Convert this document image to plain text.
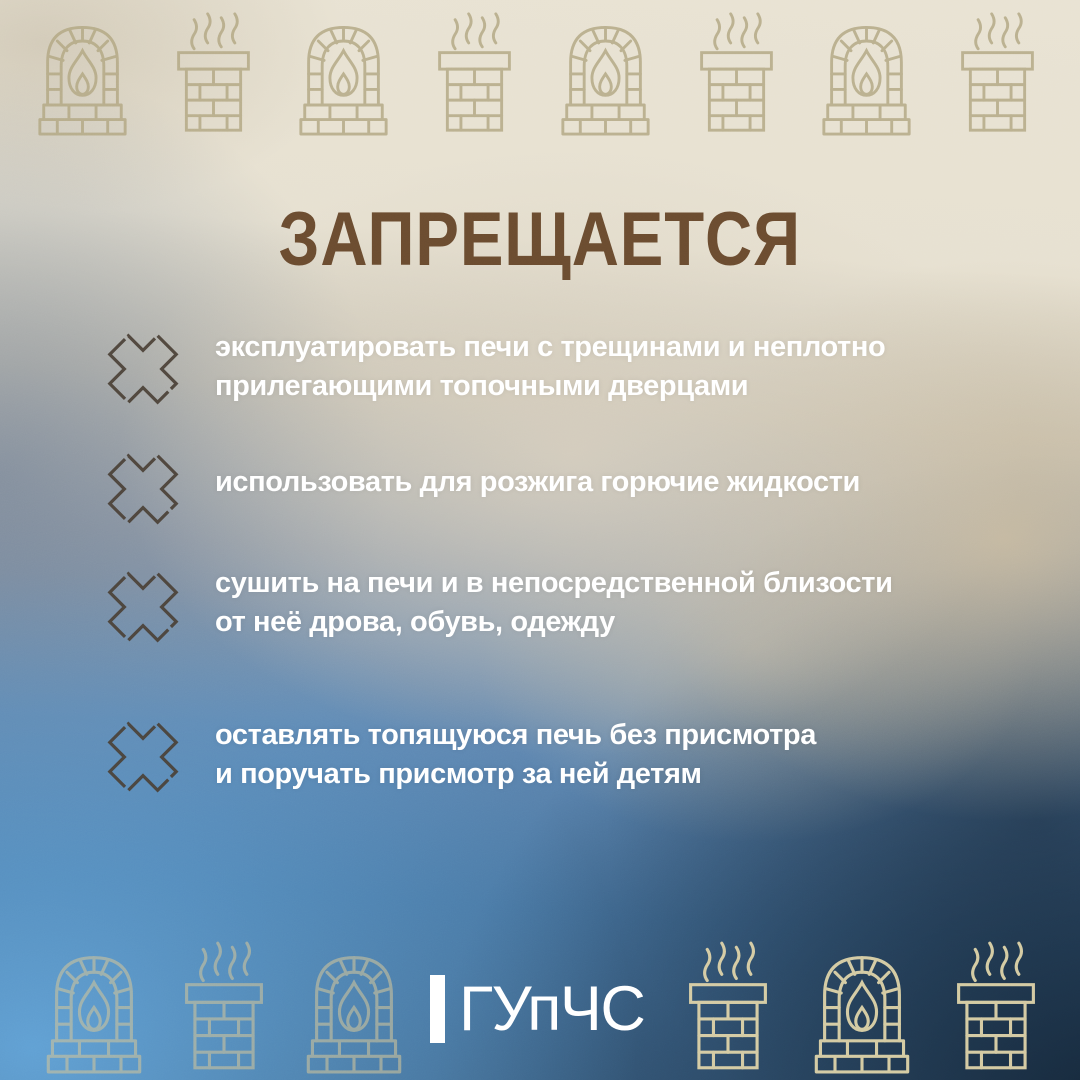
ЗАПРЕЩАЕТСЯ
эксплуатировать печи с трещинами и неплотно
прилегающими топочными дверцами
использовать для розжига горючие жидкости
сушить на печи и в непосредственной близости
от неё дрова, обувь, одежду
оставлять топящуюся печь без присмотра
и поручать присмотр за ней детям
ГУпЧС
